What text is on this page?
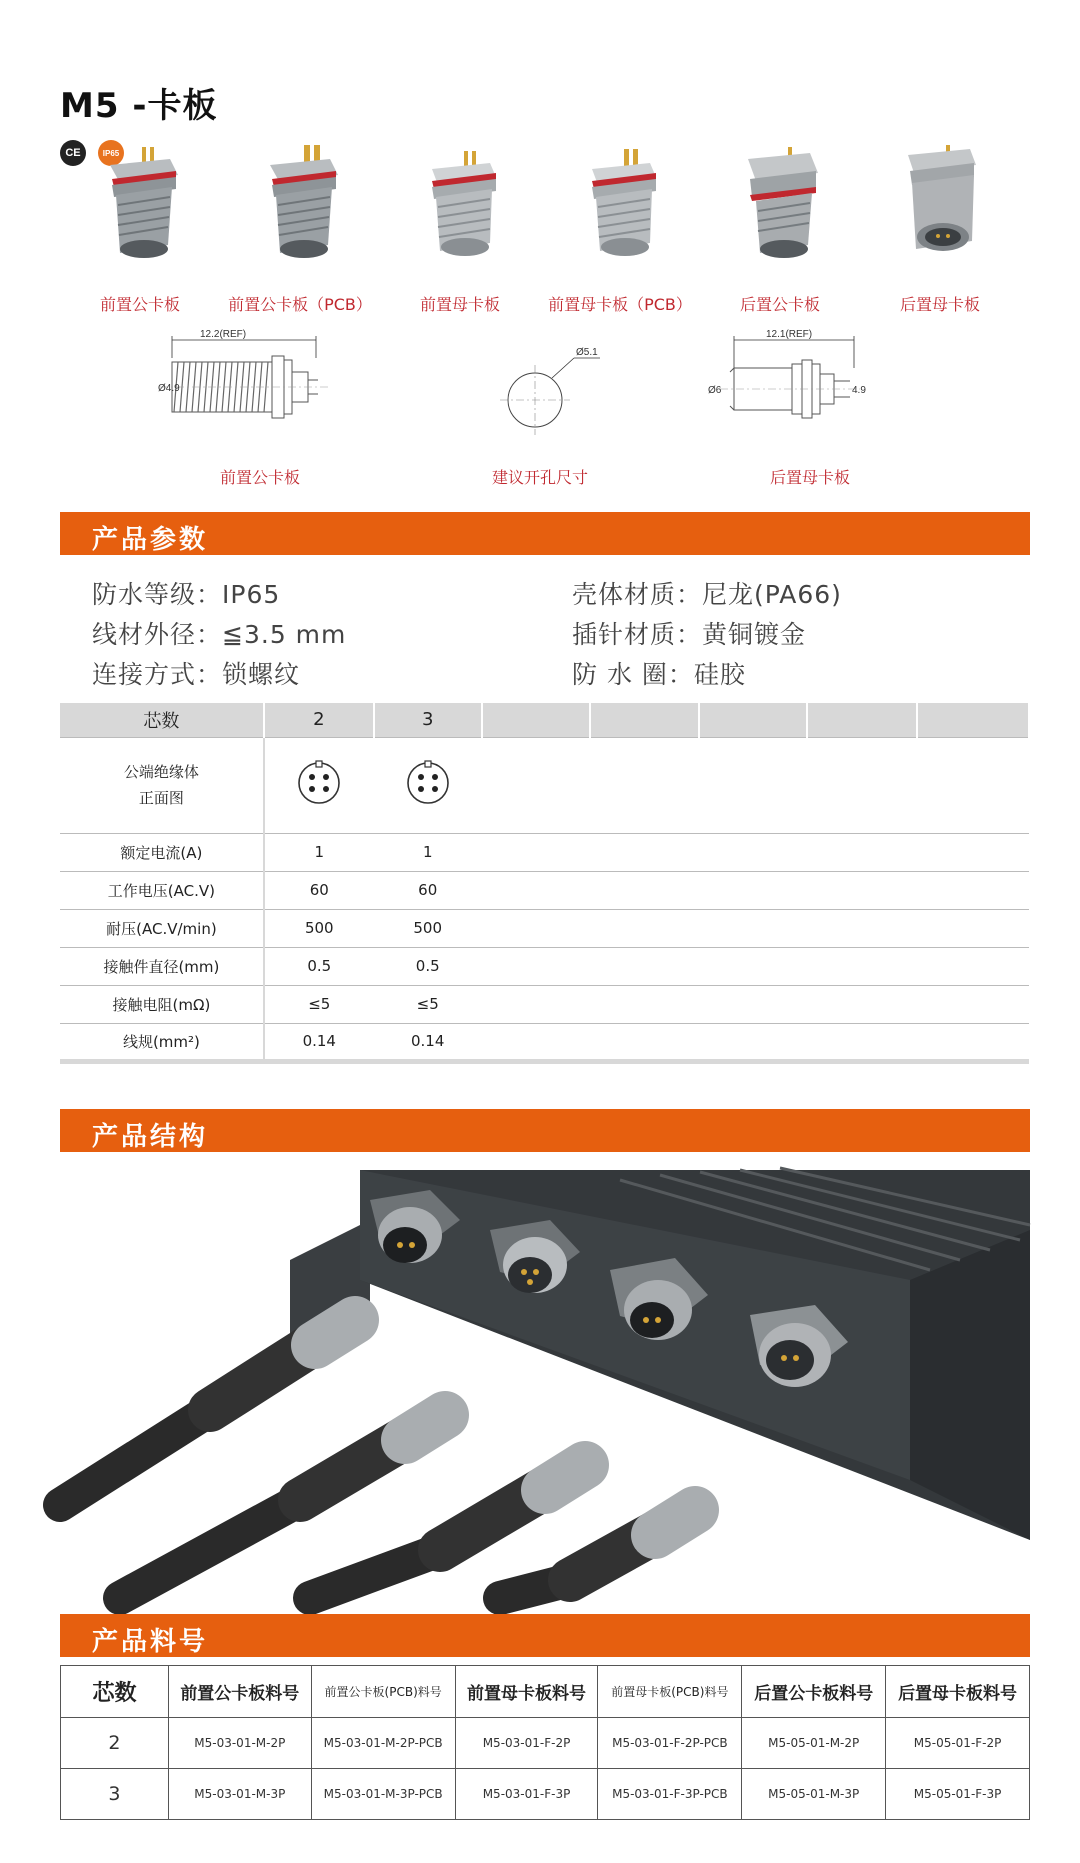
M5 -卡板
CE	IP65
前置公卡板	前置公卡板（PCB）	前置母卡板	前置母卡板（PCB）	后置公卡板	后置母卡板
12.2(REF)
Ø4.9
前置公卡板
Ø5.1
建议开孔尺寸
12.1(REF)
Ø6	4.9
后置母卡板
产品参数
防水等级：IP65	壳体材质：尼龙(PA66)
线材外径：≦3.5 mm	插针材质：黄铜镀金
连接方式：锁螺纹	防 水 圈：硅胶
芯数	2	3					
公端绝缘体
正面图							
额定电流(A)	1	1					
工作电压(AC.V)	60	60					
耐压(AC.V/min)	500	500					
接触件直径(mm)	0.5	0.5					
接触电阻(mΩ)	≤5	≤5					
线规(mm²)	0.14	0.14					
产品结构
产品料号
芯数	前置公卡板料号	前置公卡板(PCB)料号	前置母卡板料号	前置母卡板(PCB)料号	后置公卡板料号	后置母卡板料号
2	M5-03-01-M-2P	M5-03-01-M-2P-PCB	M5-03-01-F-2P	M5-03-01-F-2P-PCB	M5-05-01-M-2P	M5-05-01-F-2P
3	M5-03-01-M-3P	M5-03-01-M-3P-PCB	M5-03-01-F-3P	M5-03-01-F-3P-PCB	M5-05-01-M-3P	M5-05-01-F-3P
